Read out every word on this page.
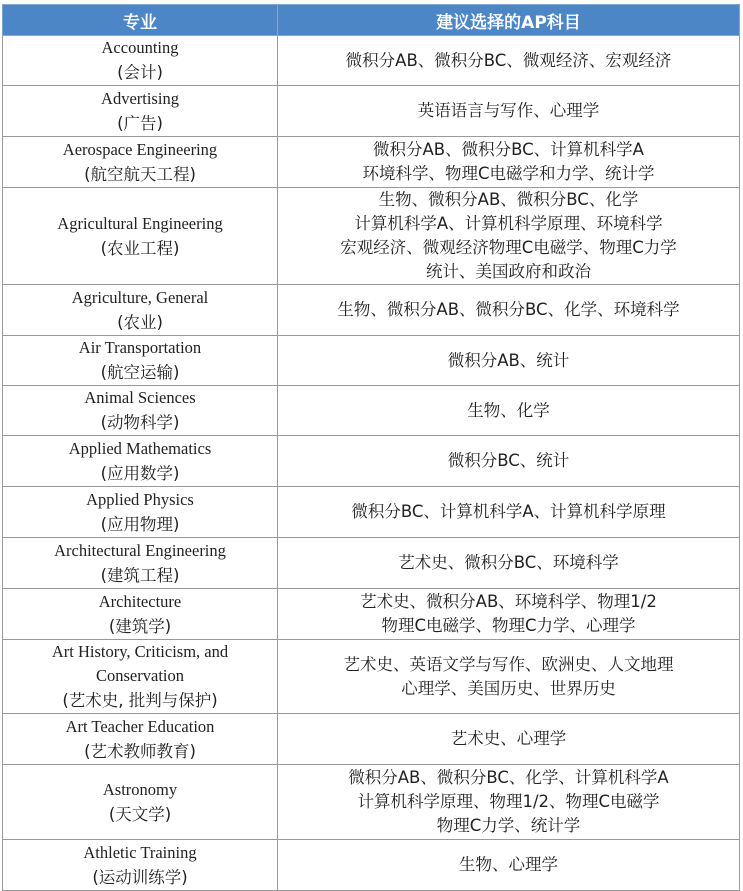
专业	建议选择的AP科目

Accounting
(会计)	微积分AB、微积分BC、微观经济、宏观经济

Advertising
(广告)	英语语言与写作、心理学

Aerospace Engineering
(航空航天工程)	微积分AB、微积分BC、计算机科学A
环境科学、物理C电磁学和力学、统计学

Agricultural Engineering
(农业工程)	生物、微积分AB、微积分BC、化学
计算机科学A、计算机科学原理、环境科学
宏观经济、微观经济物理C电磁学、物理C力学
统计、美国政府和政治

Agriculture, General
(农业)	生物、微积分AB、微积分BC、化学、环境科学

Air Transportation
(航空运输)	微积分AB、统计

Animal Sciences
(动物科学)	生物、化学

Applied Mathematics
(应用数学)	微积分BC、统计

Applied Physics
(应用物理)	微积分BC、计算机科学A、计算机科学原理

Architectural Engineering
(建筑工程)	艺术史、微积分BC、环境科学

Architecture
(建筑学)	艺术史、微积分AB、环境科学、物理1/2
物理C电磁学、物理C力学、心理学

Art History, Criticism, and
Conservation
(艺术史, 批判与保护)	艺术史、英语文学与写作、欧洲史、人文地理
心理学、美国历史、世界历史

Art Teacher Education
(艺术教师教育)	艺术史、心理学

Astronomy
(天文学)	微积分AB、微积分BC、化学、计算机科学A
计算机科学原理、物理1/2、物理C电磁学
物理C力学、统计学

Athletic Training
(运动训练学)	生物、心理学
